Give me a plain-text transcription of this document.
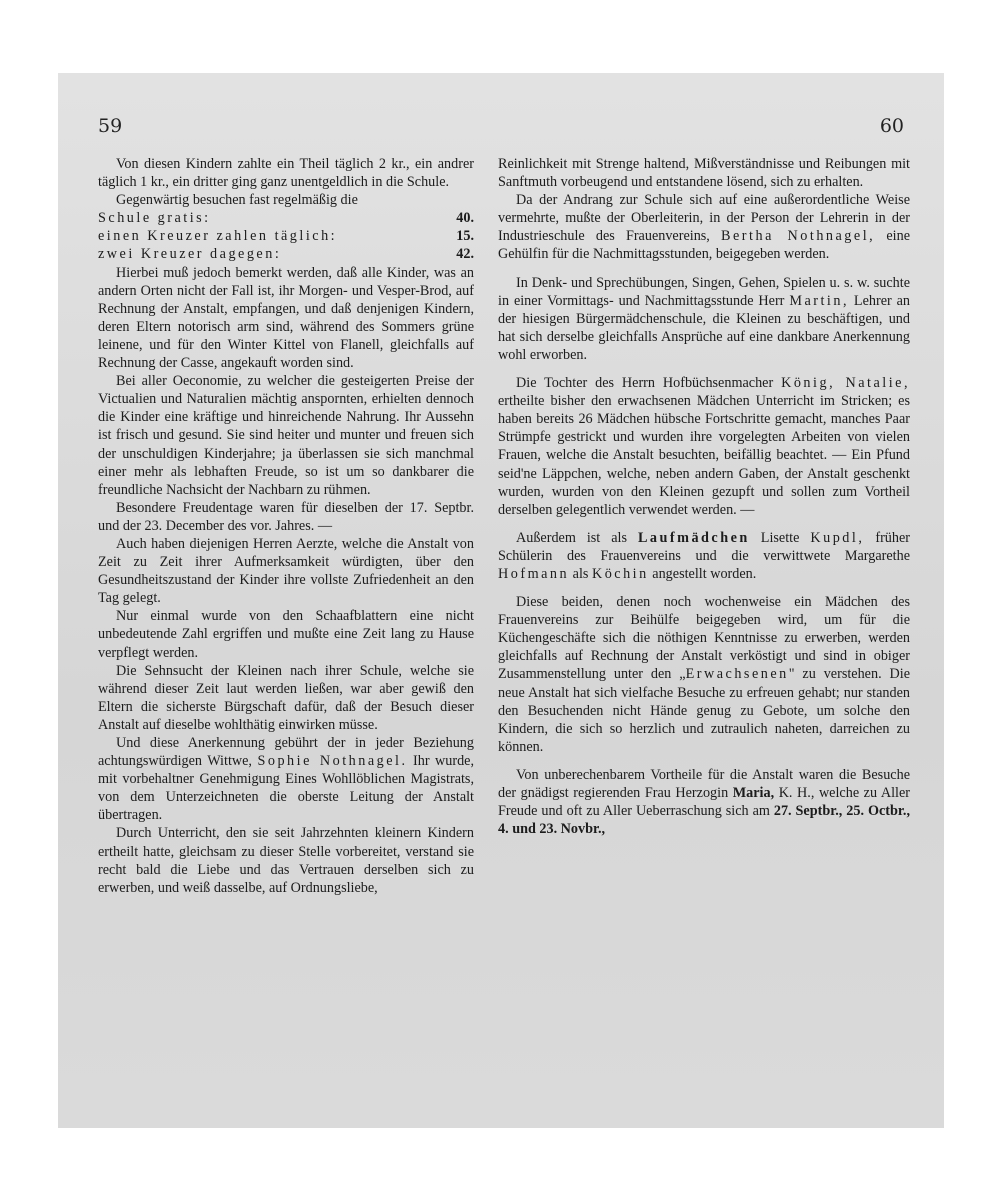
59	60

Von diesen Kindern zahlte ein Theil täglich 2 kr., ein andrer täglich 1 kr., ein dritter ging ganz unentgeldlich in die Schule.

Gegenwärtig besuchen fast regelmäßig die

Schule gratis:	40.
einen Kreuzer zahlen täglich:	15.
zwei Kreuzer dagegen:	42.

Hierbei muß jedoch bemerkt werden, daß alle Kinder, was an andern Orten nicht der Fall ist, ihr Morgen- und Vesper-Brod, auf Rechnung der Anstalt, empfangen, und daß denjenigen Kindern, deren Eltern notorisch arm sind, während des Sommers grüne leinene, und für den Winter Kittel von Flanell, gleichfalls auf Rechnung der Casse, angekauft worden sind.

Bei aller Oeconomie, zu welcher die gesteigerten Preise der Victualien und Naturalien mächtig anspornten, erhielten dennoch die Kinder eine kräftige und hinreichende Nahrung. Ihr Aussehn ist frisch und gesund. Sie sind heiter und munter und freuen sich der unschuldigen Kinderjahre; ja überlassen sie sich manchmal einer mehr als lebhaften Freude, so ist um so dankbarer die freundliche Nachsicht der Nachbarn zu rühmen.

Besondere Freudentage waren für dieselben der 17. Septbr. und der 23. December des vor. Jahres. —

Auch haben diejenigen Herren Aerzte, welche die Anstalt von Zeit zu Zeit ihrer Aufmerksamkeit würdigten, über den Gesundheitszustand der Kinder ihre vollste Zufriedenheit an den Tag gelegt.

Nur einmal wurde von den Schaafblattern eine nicht unbedeutende Zahl ergriffen und mußte eine Zeit lang zu Hause verpflegt werden.

Die Sehnsucht der Kleinen nach ihrer Schule, welche sie während dieser Zeit laut werden ließen, war aber gewiß den Eltern die sicherste Bürgschaft dafür, daß der Besuch dieser Anstalt auf dieselbe wohlthätig einwirken müsse.

Und diese Anerkennung gebührt der in jeder Beziehung achtungswürdigen Wittwe, Sophie Nothnagel. Ihr wurde, mit vorbehaltner Genehmigung Eines Wohllöblichen Magistrats, von dem Unterzeichneten die oberste Leitung der Anstalt übertragen.

Durch Unterricht, den sie seit Jahrzehnten kleinern Kindern ertheilt hatte, gleichsam zu dieser Stelle vorbereitet, verstand sie recht bald die Liebe und das Vertrauen derselben sich zu erwerben, und weiß dasselbe, auf Ordnungsliebe,

Reinlichkeit mit Strenge haltend, Mißverständnisse und Reibungen mit Sanftmuth vorbeugend und entstandene lösend, sich zu erhalten.

Da der Andrang zur Schule sich auf eine außerordentliche Weise vermehrte, mußte der Oberleiterin, in der Person der Lehrerin in der Industrieschule des Frauenvereins, Bertha Nothnagel, eine Gehülfin für die Nachmittagsstunden, beigegeben werden.

In Denk- und Sprechübungen, Singen, Gehen, Spielen u. s. w. suchte in einer Vormittags- und Nachmittagsstunde Herr Martin, Lehrer an der hiesigen Bürgermädchenschule, die Kleinen zu beschäftigen, und hat sich derselbe gleichfalls Ansprüche auf eine dankbare Anerkennung wohl erworben.

Die Tochter des Herrn Hofbüchsenmacher König, Natalie, ertheilte bisher den erwachsenen Mädchen Unterricht im Stricken; es haben bereits 26 Mädchen hübsche Fortschritte gemacht, manches Paar Strümpfe gestrickt und wurden ihre vorgelegten Arbeiten von vielen Frauen, welche die Anstalt besuchten, beifällig beachtet. — Ein Pfund seid'ne Läppchen, welche, neben andern Gaben, der Anstalt geschenkt wurden, wurden von den Kleinen gezupft und sollen zum Vortheil derselben gelegentlich verwendet werden. —

Außerdem ist als Laufmädchen Lisette Kupdl, früher Schülerin des Frauenvereins und die verwittwete Margarethe Hofmann als Köchin angestellt worden.

Diese beiden, denen noch wochenweise ein Mädchen des Frauenvereins zur Beihülfe beigegeben wird, um für die Küchengeschäfte sich die nöthigen Kenntnisse zu erwerben, werden gleichfalls auf Rechnung der Anstalt verköstigt und sind in obiger Zusammenstellung unter den „Erwachsenen" zu verstehen. Die neue Anstalt hat sich vielfache Besuche zu erfreuen gehabt; nur standen den Besuchenden nicht Hände genug zu Gebote, um solche den Kindern, die sich so herzlich und zutraulich naheten, darreichen zu können.

Von unberechenbarem Vortheile für die Anstalt waren die Besuche der gnädigst regierenden Frau Herzogin Maria, K. H., welche zu Aller Freude und oft zu Aller Ueberraschung sich am 27. Septbr., 25. Octbr., 4. und 23. Novbr.,
